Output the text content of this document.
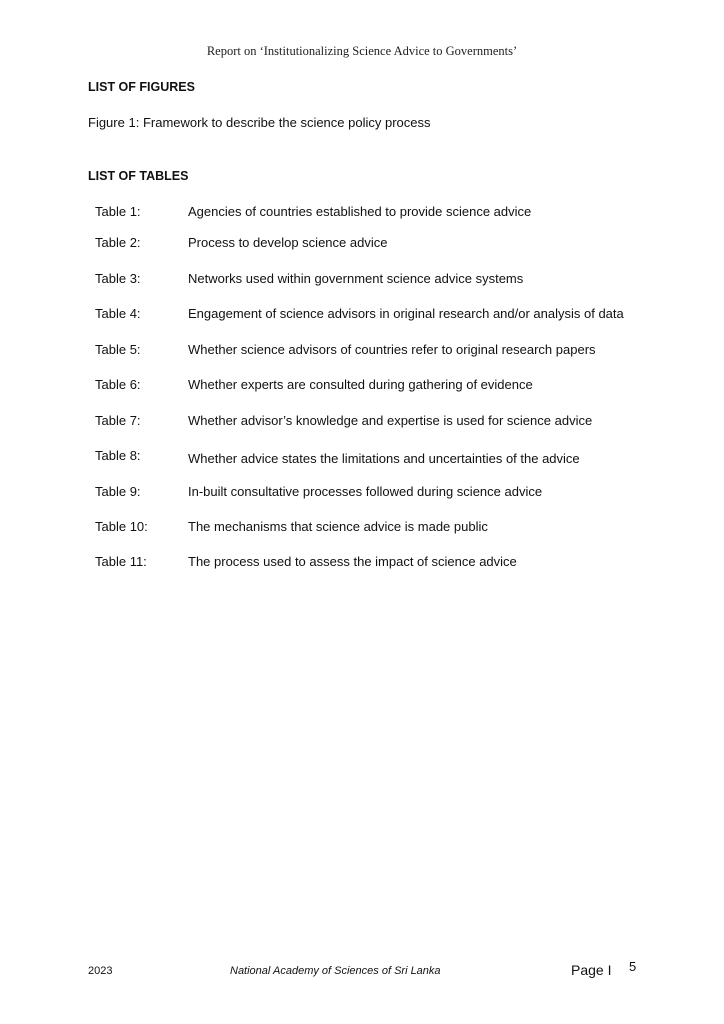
Report on ‘Institutionalizing Science Advice to Governments’
LIST OF FIGURES
Figure 1: Framework to describe the science policy process
LIST OF TABLES
Table 1:	Agencies of countries established to provide science advice
Table 2:	Process to develop science advice
Table 3:	Networks used within government science advice systems
Table 4:	Engagement of science advisors in original research and/or analysis of data
Table 5:	Whether science advisors of countries refer to original research papers
Table 6:	Whether experts are consulted during gathering of evidence
Table 7:	Whether advisor’s knowledge and expertise is used for science advice
Table 8:	Whether advice states the limitations and uncertainties of the advice
Table 9:	In-built consultative processes followed during science advice
Table 10:	The mechanisms that science advice is made public
Table 11:	The process used to assess the impact of science advice
2023	National Academy of Sciences of Sri Lanka	Page I 5
